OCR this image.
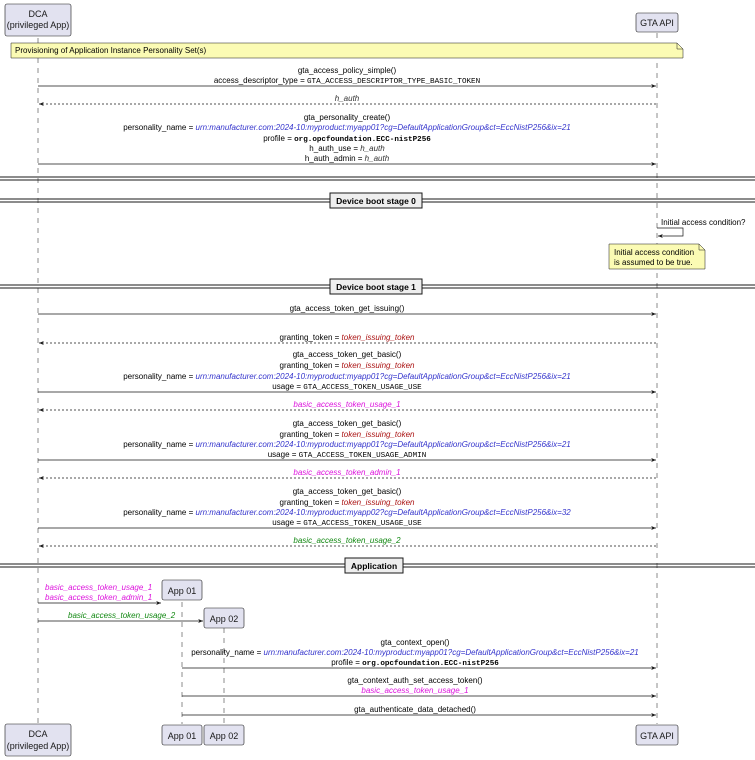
DCA
(privileged App)	GTA API
Provisioning of Application Instance Personality Set(s)
gta_access_policy_simple()
access_descriptor_type = GTA_ACCESS_DESCRIPTOR_TYPE_BASIC_TOKEN
h_auth
gta_personality_create()
personality_name = urn:manufacturer.com:2024-10:myproduct:myapp01?cg=DefaultApplicationGroup&ct=EccNistP256&ix=21
profile = org.opcfoundation.ECC-nistP256
h_auth_use = h_auth
h_auth_admin = h_auth
Device boot stage 0
Initial access condition?
Initial access condition
is assumed to be true.
Device boot stage 1
gta_access_token_get_issuing()
granting_token = token_issuing_token
gta_access_token_get_basic()
granting_token = token_issuing_token
personality_name = urn:manufacturer.com:2024-10:myproduct:myapp01?cg=DefaultApplicationGroup&ct=EccNistP256&ix=21
usage = GTA_ACCESS_TOKEN_USAGE_USE
basic_access_token_usage_1
gta_access_token_get_basic()
granting_token = token_issuing_token
personality_name = urn:manufacturer.com:2024-10:myproduct:myapp01?cg=DefaultApplicationGroup&ct=EccNistP256&ix=21
usage = GTA_ACCESS_TOKEN_USAGE_ADMIN
basic_access_token_admin_1
gta_access_token_get_basic()
granting_token = token_issuing_token
personality_name = urn:manufacturer.com:2024-10:myproduct:myapp02?cg=DefaultApplicationGroup&ct=EccNistP256&ix=32
usage = GTA_ACCESS_TOKEN_USAGE_USE
basic_access_token_usage_2
Application
basic_access_token_usage_1
basic_access_token_admin_1
App 01
basic_access_token_usage_2	App 02
gta_context_open()
personality_name = urn:manufacturer.com:2024-10:myproduct:myapp01?cg=DefaultApplicationGroup&ct=EccNistP256&ix=21
profile = org.opcfoundation.ECC-nistP256
gta_context_auth_set_access_token()
basic_access_token_usage_1
gta_authenticate_data_detached()
DCA
(privileged App)
App 01 App 02	GTA API
